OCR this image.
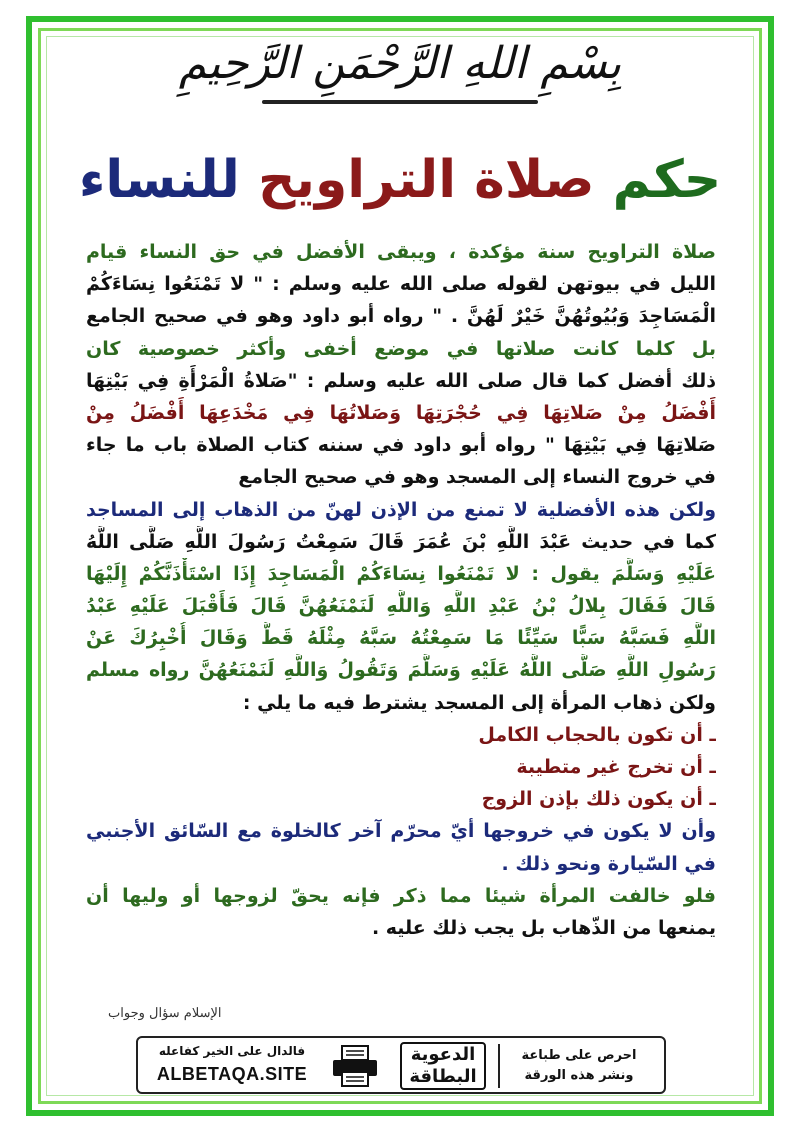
بِسْمِ اللهِ الرَّحْمَنِ الرَّحِيمِ
حكم صلاة التراويح للنساء
صلاة التراويح سنة مؤكدة ، ويبقى الأفضل في حق النساء قيام
الليل في بيوتهن لقوله صلى الله عليه وسلم : " لا تَمْنَعُوا نِسَاءَكُمْ
الْمَسَاجِدَ وَبُيُوتُهُنَّ خَيْرٌ لَهُنَّ . " رواه أبو داود وهو في صحيح الجامع
بل كلما كانت صلاتها في موضع أخفى وأكثر خصوصية كان
ذلك أفضل كما قال صلى الله عليه وسلم : "صَلاةُ الْمَرْأَةِ فِي بَيْتِهَا
أَفْضَلُ مِنْ صَلاتِهَا فِي حُجْرَتِهَا وَصَلاتُهَا فِي مَخْدَعِهَا أَفْضَلُ مِنْ
صَلاتِهَا فِي بَيْتِهَا " رواه أبو داود في سننه كتاب الصلاة باب ما جاء
في خروج النساء إلى المسجد وهو في صحيح الجامع
ولكن هذه الأفضلية لا تمنع من الإذن لهنّ من الذهاب إلى المساجد
كما في حديث عَبْدَ اللَّهِ بْنَ عُمَرَ قَالَ سَمِعْتُ رَسُولَ اللَّهِ صَلَّى اللَّهُ
عَلَيْهِ وَسَلَّمَ يقول : لا تَمْنَعُوا نِسَاءَكُمْ الْمَسَاجِدَ إِذَا اسْتَأْذَنَّكُمْ إِلَيْهَا
قَالَ فَقَالَ بِلالُ بْنُ عَبْدِ اللَّهِ وَاللَّهِ لَنَمْنَعُهُنَّ قَالَ فَأَقْبَلَ عَلَيْهِ عَبْدُ
اللَّهِ فَسَبَّهُ سَبًّا سَيِّئًا مَا سَمِعْتُهُ سَبَّهُ مِثْلَهُ قَطُّ وَقَالَ أُخْبِرُكَ عَنْ
رَسُولِ اللَّهِ صَلَّى اللَّهُ عَلَيْهِ وَسَلَّمَ وَتَقُولُ وَاللَّهِ لَنَمْنَعُهُنَّ رواه مسلم
ولكن ذهاب المرأة إلى المسجد يشترط فيه ما يلي :
ـ أن تكون بالحجاب الكامل
ـ أن تخرج غير متطيبة
ـ أن يكون ذلك بإذن الزوج
وأن لا يكون في خروجها أيّ محرّم آخر كالخلوة مع السّائق الأجنبي
في السّيارة ونحو ذلك .
فلو خالفت المرأة شيئا مما ذكر فإنه يحقّ لزوجها أو وليها أن
يمنعها من الذّهاب بل يجب ذلك عليه .
الإسلام سؤال وجواب
فالدال على الخير كفاعله
ALBETAQA.SITE
الدعوية
البطاقة
احرص على طباعة
ونشر هذه الورقة
